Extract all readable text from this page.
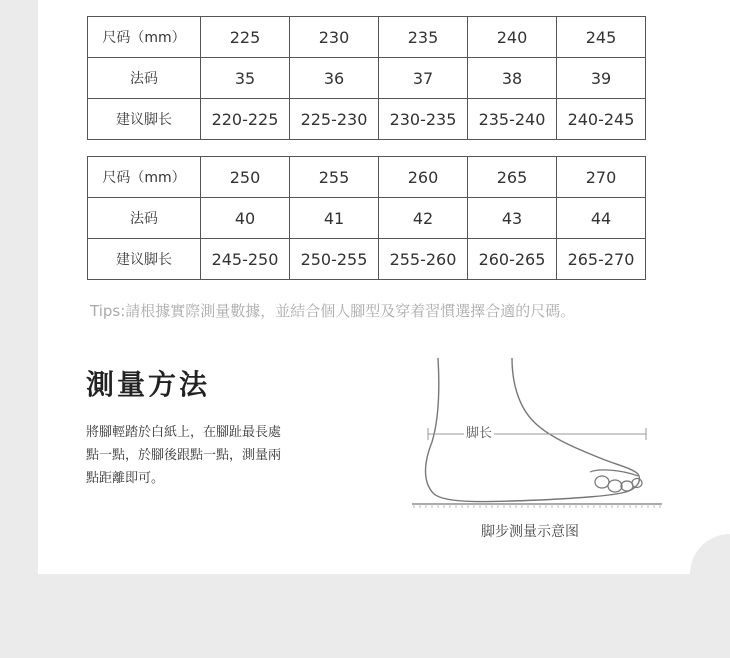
尺码（mm）	225	230	235	240	245
法码	35	36	37	38	39
建议脚长	220-225	225-230	230-235	235-240	240-245
尺码（mm）	250	255	260	265	270
法码	40	41	42	43	44
建议脚长	245-250	250-255	255-260	260-265	265-270
Tips:請根據實際測量數據，並結合個人腳型及穿着習慣選擇合適的尺碼。
測量方法
將腳輕踏於白紙上，在腳趾最長處
點一點，於腳後跟點一點，測量兩
點距離即可。
脚长
脚步测量示意图
